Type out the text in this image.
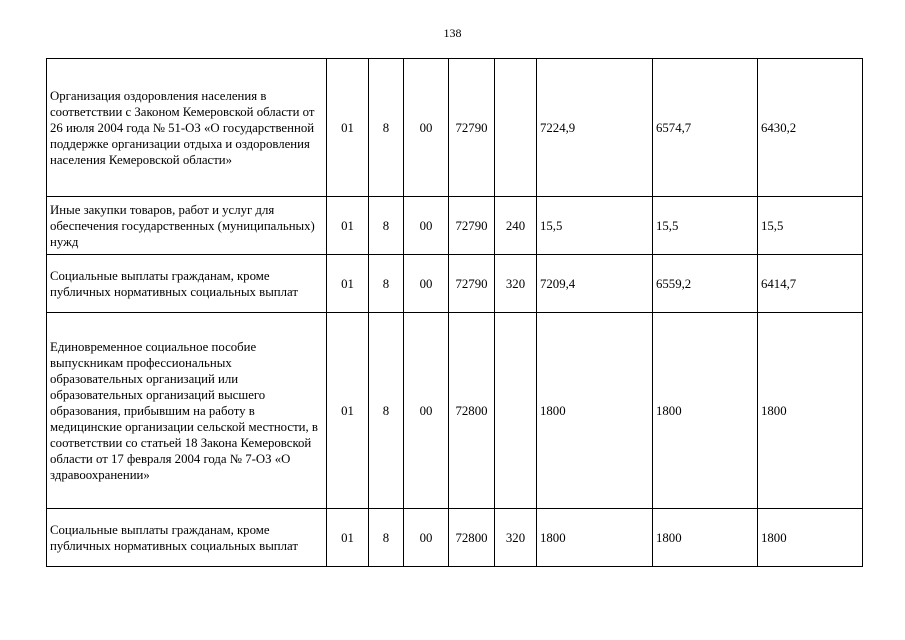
138
Организация оздоровления населения в соответствии с Законом Кемеровской области от 26 июля 2004 года № 51-ОЗ «О государственной поддержке организации отдыха и оздоровления населения Кемеровской области»	01	8	00	72790		7224,9	6574,7	6430,2
Иные закупки товаров, работ и услуг для обеспечения государственных (муниципальных) нужд	01	8	00	72790	240	15,5	15,5	15,5
Социальные выплаты гражданам, кроме публичных нормативных социальных выплат	01	8	00	72790	320	7209,4	6559,2	6414,7
Единовременное социальное пособие выпускникам профессиональных образовательных организаций или образовательных организаций высшего образования, прибывшим на работу в медицинские организации сельской местности, в соответствии со статьей 18 Закона Кемеровской области от 17 февраля 2004 года № 7-ОЗ «О здравоохранении»	01	8	00	72800		1800	1800	1800
Социальные выплаты гражданам, кроме публичных нормативных социальных выплат	01	8	00	72800	320	1800	1800	1800
